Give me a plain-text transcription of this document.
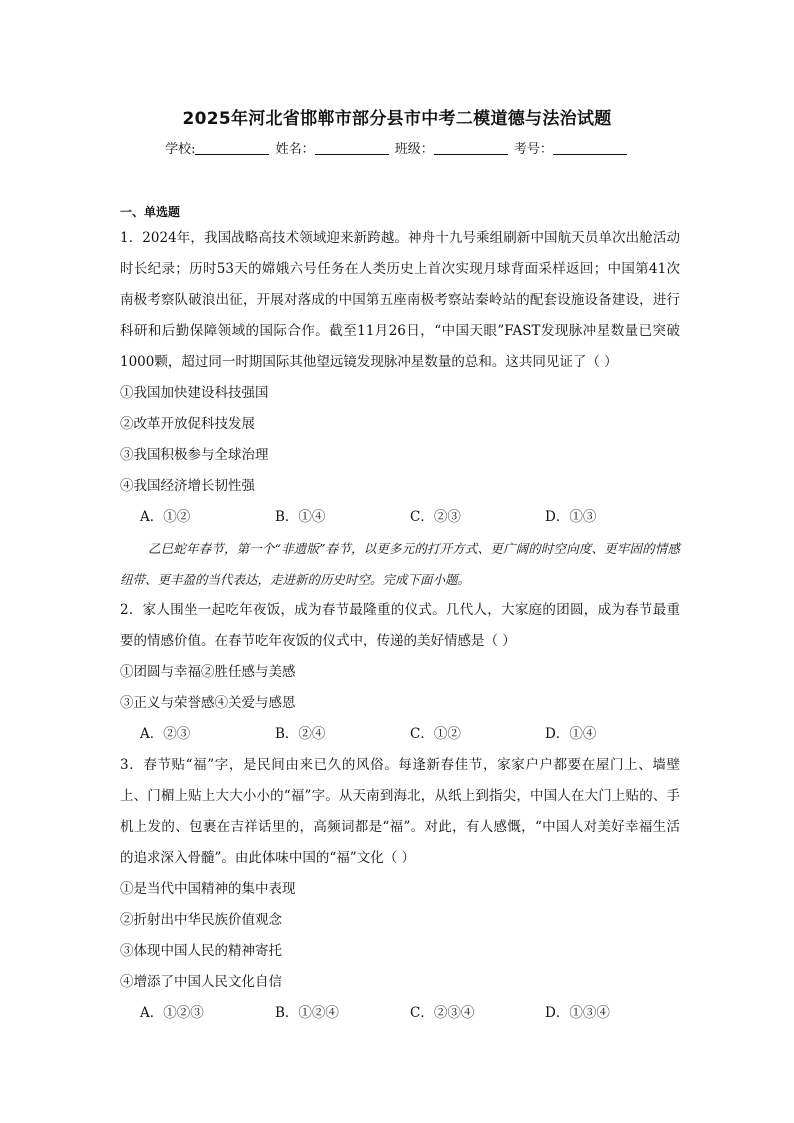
2025年河北省邯郸市部分县市中考二模道德与法治试题
学校:	姓名：	班级：	考号：
一、单选题
1．2024年，我国战略高技术领域迎来新跨越。神舟十九号乘组刷新中国航天员单次出舱活动时长纪录；历时53天的嫦娥六号任务在人类历史上首次实现月球背面采样返回；中国第41次南极考察队破浪出征，开展对落成的中国第五座南极考察站秦岭站的配套设施设备建设，进行科研和后勤保障领域的国际合作。截至11月26日，“中国天眼”FAST发现脉冲星数量已突破1000颗，超过同一时期国际其他望远镜发现脉冲星数量的总和。这共同见证了（ ）
①我国加快建设科技强国
②改革开放促科技发展
③我国积极参与全球治理
④我国经济增长韧性强
A．①②	B．①④	C．②③	D．①③
乙巳蛇年春节，第一个“非遗版”春节，以更多元的打开方式、更广阔的时空向度、更牢固的情感纽带、更丰盈的当代表达，走进新的历史时空。完成下面小题。
2．家人围坐一起吃年夜饭，成为春节最隆重的仪式。几代人，大家庭的团圆，成为春节最重要的情感价值。在春节吃年夜饭的仪式中，传递的美好情感是（ ）
①团圆与幸福②胜任感与美感
③正义与荣誉感④关爱与感恩
A．②③	B．②④	C．①②	D．①④
3．春节贴“福”字，是民间由来已久的风俗。每逢新春佳节，家家户户都要在屋门上、墙壁上、门楣上贴上大大小小的“福”字。从天南到海北，从纸上到指尖，中国人在大门上贴的、手机上发的、包裹在吉祥话里的，高频词都是“福”。对此，有人感慨，“中国人对美好幸福生活的追求深入骨髓”。由此体味中国的“福”文化（ ）
①是当代中国精神的集中表现
②折射出中华民族价值观念
③体现中国人民的精神寄托
④增添了中国人民文化自信
A．①②③	B．①②④	C．②③④	D．①③④
